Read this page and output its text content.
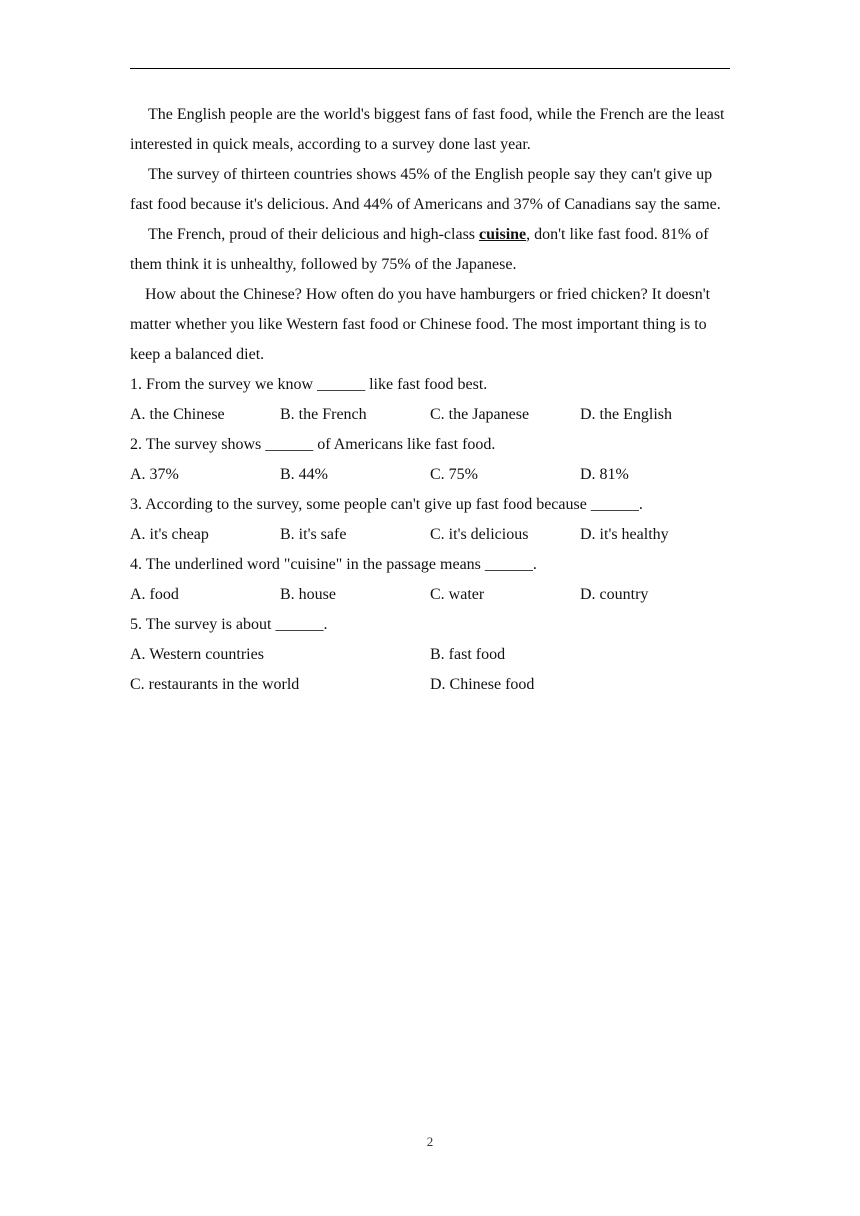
The English people are the world's biggest fans of fast food, while the French are the least interested in quick meals, according to a survey done last year.

The survey of thirteen countries shows 45% of the English people say they can't give up fast food because it's delicious. And 44% of Americans and 37% of Canadians say the same.

The French, proud of their delicious and high-class cuisine, don't like fast food. 81% of them think it is unhealthy, followed by 75% of the Japanese.

How about the Chinese? How often do you have hamburgers or fried chicken? It doesn't matter whether you like Western fast food or Chinese food. The most important thing is to keep a balanced diet.

1. From the survey we know ______ like fast food best.

A. the Chinese	B. the French	C. the Japanese	D. the English

2. The survey shows ______ of Americans like fast food.

A. 37%	B. 44%	C. 75%	D. 81%

3. According to the survey, some people can't give up fast food because ______.

A. it's cheap	B. it's safe	C. it's delicious	D. it's healthy

4. The underlined word "cuisine" in the passage means ______.

A. food	B. house	C. water	D. country

5. The survey is about ______.

A. Western countries	B. fast food
C. restaurants in the world	D. Chinese food
2
